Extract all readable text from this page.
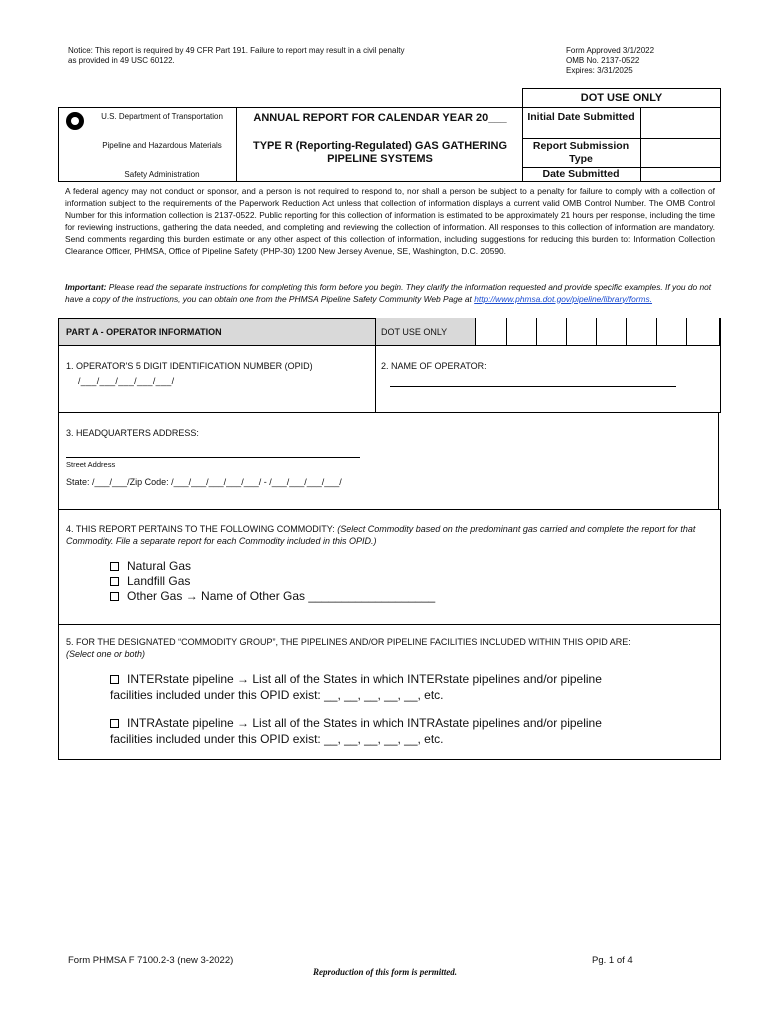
Notice: This report is required by 49 CFR Part 191. Failure to report may result in a civil penalty
as provided in 49 USC 60122.
Form Approved 3/1/2022
OMB No. 2137-0522
Expires: 3/31/2025
DOT USE ONLY
Initial Date Submitted
Report Submission Type
Date Submitted
U.S. Department of Transportation
Pipeline and Hazardous Materials
Safety Administration
ANNUAL REPORT FOR CALENDAR YEAR 20___
TYPE R (Reporting-Regulated) GAS GATHERING
PIPELINE SYSTEMS
A federal agency may not conduct or sponsor, and a person is not required to respond to, nor shall a person be subject to a penalty for failure to comply with a collection of information subject to the requirements of the Paperwork Reduction Act unless that collection of information displays a current valid OMB Control Number. The OMB Control Number for this information collection is 2137-0522. Public reporting for this collection of information is estimated to be approximately 21 hours per response, including the time for reviewing instructions, gathering the data needed, and completing and reviewing the collection of information. All responses to this collection of information are mandatory. Send comments regarding this burden estimate or any other aspect of this collection of information, including suggestions for reducing this burden to: Information Collection Clearance Officer, PHMSA, Office of Pipeline Safety (PHP-30) 1200 New Jersey Avenue, SE, Washington, D.C. 20590.
Important: Please read the separate instructions for completing this form before you begin. They clarify the information requested and provide specific examples. If you do not have a copy of the instructions, you can obtain one from the PHMSA Pipeline Safety Community Web Page at http://www.phmsa.dot.gov/pipeline/library/forms.
PART A - OPERATOR INFORMATION	DOT USE ONLY
1. OPERATOR'S 5 DIGIT IDENTIFICATION NUMBER (OPID)
/___/___/___/___/___/
2. NAME OF OPERATOR:
3. HEADQUARTERS ADDRESS:
Street Address
State: /___/___/Zip Code: /___/___/___/___/___/ - /___/___/___/___/
4. THIS REPORT PERTAINS TO THE FOLLOWING COMMODITY: (Select Commodity based on the predominant gas carried and complete the report for that Commodity. File a separate report for each Commodity included in this OPID.)
Natural Gas
Landfill Gas
Other Gas → Name of Other Gas ___________________
5. FOR THE DESIGNATED “COMMODITY GROUP”, THE PIPELINES AND/OR PIPELINE FACILITIES INCLUDED WITHIN THIS OPID ARE:
(Select one or both)
INTERstate pipeline → List all of the States in which INTERstate pipelines and/or pipeline
facilities included under this OPID exist: __, __, __, __, __, etc.
INTRAstate pipeline → List all of the States in which INTRAstate pipelines and/or pipeline
facilities included under this OPID exist: __, __, __, __, __, etc.
Form PHMSA F 7100.2-3 (new 3-2022)	Pg. 1 of 4
Reproduction of this form is permitted.
